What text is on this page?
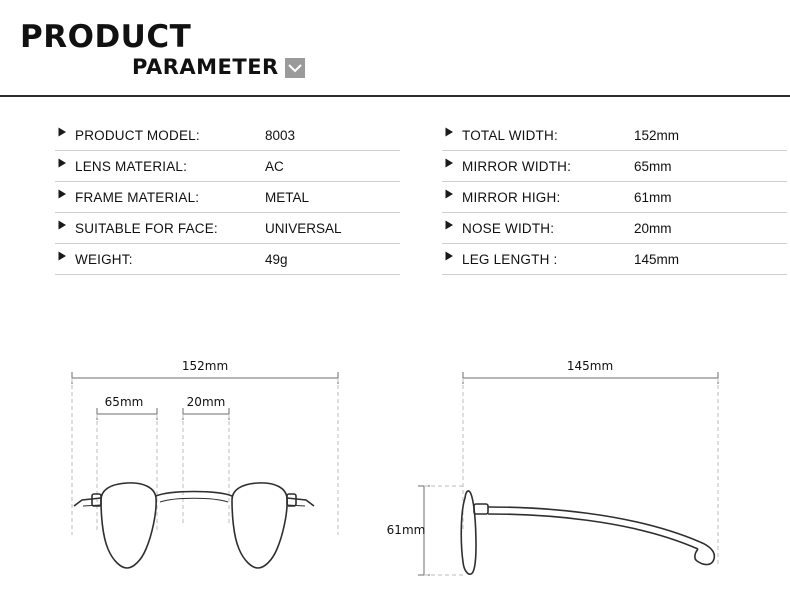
PRODUCT
PARAMETER
PRODUCT MODEL:	8003
LENS MATERIAL:	AC
FRAME MATERIAL:	METAL
SUITABLE FOR FACE:	UNIVERSAL
WEIGHT:	49g
TOTAL WIDTH:	152mm
MIRROR WIDTH:	65mm
MIRROR HIGH:	61mm
NOSE WIDTH:	20mm
LEG LENGTH :	145mm
152mm
65mm	20mm
145mm
61mm
